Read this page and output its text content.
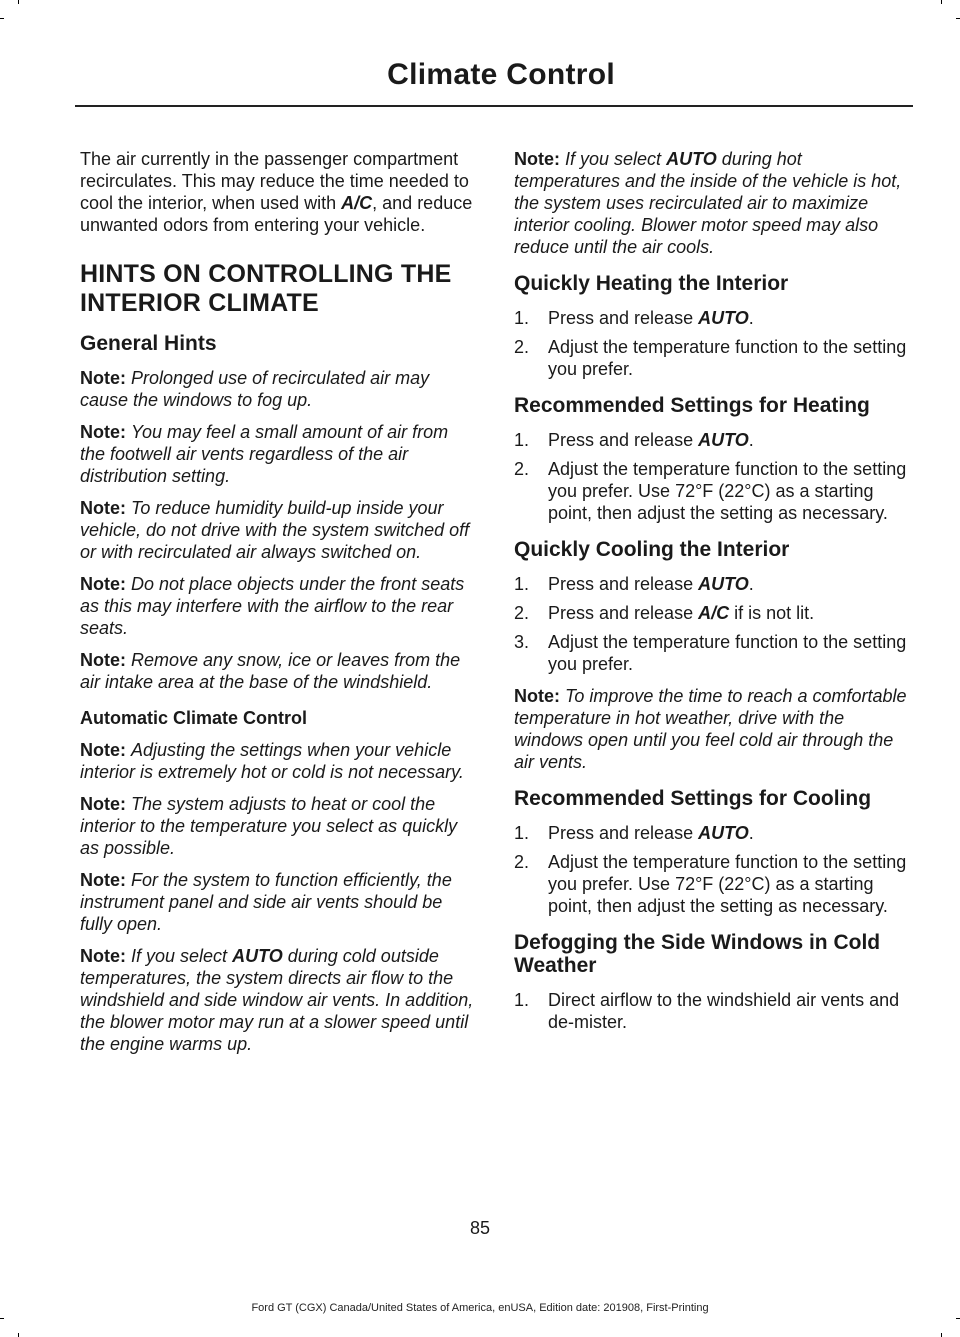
Climate Control

The air currently in the passenger compartment recirculates. This may reduce the time needed to cool the interior, when used with A/C, and reduce unwanted odors from entering your vehicle.

HINTS ON CONTROLLING THE INTERIOR CLIMATE
General Hints

Note: Prolonged use of recirculated air may cause the windows to fog up.

Note: You may feel a small amount of air from the footwell air vents regardless of the air distribution setting.

Note: To reduce humidity build-up inside your vehicle, do not drive with the system switched off or with recirculated air always switched on.

Note: Do not place objects under the front seats as this may interfere with the airflow to the rear seats.

Note: Remove any snow, ice or leaves from the air intake area at the base of the windshield.

Automatic Climate Control

Note: Adjusting the settings when your vehicle interior is extremely hot or cold is not necessary.

Note: The system adjusts to heat or cool the interior to the temperature you select as quickly as possible.

Note: For the system to function efficiently, the instrument panel and side air vents should be fully open.

Note: If you select AUTO during cold outside temperatures, the system directs air flow to the windshield and side window air vents. In addition, the blower motor may run at a slower speed until the engine warms up.

Note: If you select AUTO during hot temperatures and the inside of the vehicle is hot, the system uses recirculated air to maximize interior cooling. Blower motor speed may also reduce until the air cools.

Quickly Heating the Interior
1. Press and release AUTO.
2. Adjust the temperature function to the setting you prefer.
Recommended Settings for Heating
1. Press and release AUTO.
2. Adjust the temperature function to the setting you prefer. Use 72°F (22°C) as a starting point, then adjust the setting as necessary.
Quickly Cooling the Interior
1. Press and release AUTO.
2. Press and release A/C if is not lit.
3. Adjust the temperature function to the setting you prefer.

Note: To improve the time to reach a comfortable temperature in hot weather, drive with the windows open until you feel cold air through the air vents.

Recommended Settings for Cooling
1. Press and release AUTO.
2. Adjust the temperature function to the setting you prefer. Use 72°F (22°C) as a starting point, then adjust the setting as necessary.
Defogging the Side Windows in Cold Weather
1. Direct airflow to the windshield air vents and de-mister.
85
Ford GT (CGX) Canada/United States of America, enUSA, Edition date: 201908, First-Printing
